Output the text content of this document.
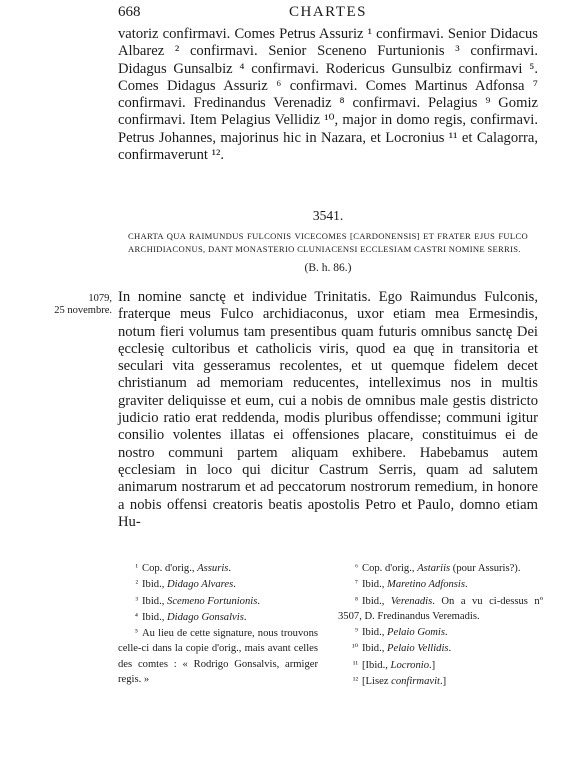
668	CHARTES
vatoriz confirmavi. Comes Petrus Assuriz ¹ confirmavi. Senior Didacus Albarez ² confirmavi. Senior Sceneno Furtunionis ³ confirmavi. Didagus Gunsalbiz ⁴ confirmavi. Rodericus Gunsulbiz confirmavi ⁵. Comes Didagus Assuriz ⁶ confirmavi. Comes Martinus Adfonsa ⁷ confirmavi. Fredinandus Verenadiz ⁸ confirmavi. Pelagius ⁹ Gomiz confirmavi. Item Pelagius Vellidiz ¹⁰, major in domo regis, confirmavi. Petrus Johannes, majorinus hic in Nazara, et Locronius ¹¹ et Calagorra, confirmaverunt ¹².
3541.
CHARTA QUA RAIMUNDUS FULCONIS VICECOMES [CARDONENSIS] ET FRATER EJUS FULCO ARCHIDIACONUS, DANT MONASTERIO CLUNIACENSI ECCLESIAM CASTRI NOMINE SERRIS.
(B. h. 86.)
1079,
25 novembre.
In nomine sanctę et individue Trinitatis. Ego Raimundus Fulconis, fraterque meus Fulco archidiaconus, uxor etiam mea Ermesindis, notum fieri volumus tam presentibus quam futuris omnibus sanctę Dei ęcclesię cultoribus et catholicis viris, quod ea quę in transitoria et seculari vita gesseramus recolentes, et ut quemque fidelem decet christianum ad memoriam reducentes, intelleximus nos in multis graviter deliquisse et eum, cui a nobis de omnibus male gestis districto judicio ratio erat reddenda, modis pluribus offendisse; communi igitur consilio volentes illatas ei offensiones placare, constituimus ei de nostro communi partem aliquam exhibere. Habebamus autem ęcclesiam in loco qui dicitur Castrum Serris, quam ad salutem animarum nostrarum et ad peccatorum nostrorum remedium, in honore a nobis offensi creatoris beatis apostolis Petro et Paulo, domno etiam Hu-

¹ Cop. d'orig., Assuris.

² Ibid., Didago Alvares.

³ Ibid., Scemeno Fortunionis.

⁴ Ibid., Didago Gonsalvis.

⁵ Au lieu de cette signature, nous trouvons celle-ci dans la copie d'orig., mais avant celles des comtes : « Rodrigo Gonsalvis, armiger regis. »

⁶ Cop. d'orig., Astariis (pour Assuris?).

⁷ Ibid., Maretino Adfonsis.

⁸ Ibid., Verenadis. On a vu ci-dessus nº 3507, D. Fredinandus Veremadis.

⁹ Ibid., Pelaio Gomis.

¹⁰ Ibid., Pelaio Vellidis.

¹¹ [Ibid., Locronio.]

¹² [Lisez confirmavit.]
